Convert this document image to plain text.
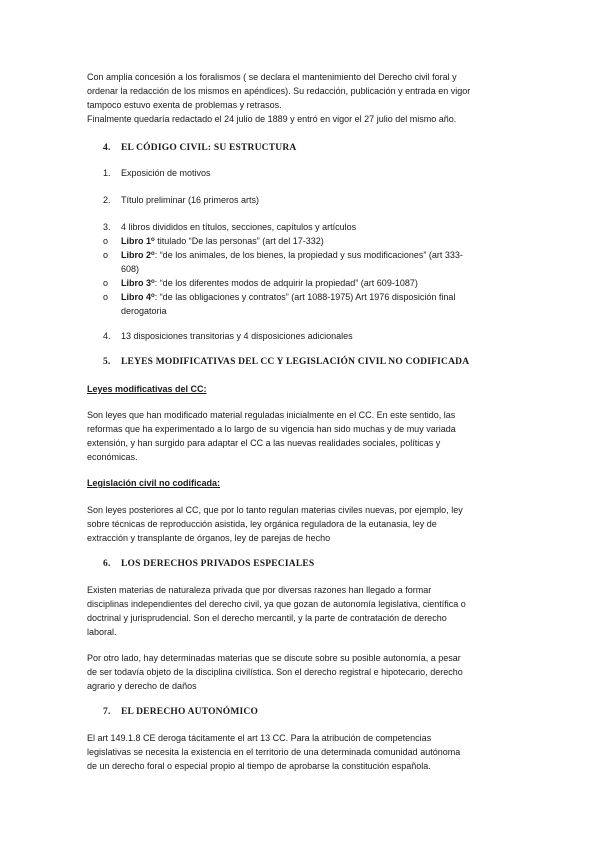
Con amplia concesión a los foralismos ( se declara el mantenimiento del Derecho civil foral y

ordenar la redacción de los mismos en apéndices). Su redacción, publicación y entrada en vigor

tampoco estuvo exenta de problemas y retrasos.

Finalmente quedaría redactado el 24 julio de 1889 y entró en vigor el 27 julio del mismo año.

4. EL CÓDIGO CIVIL: SU ESTRUCTURA

1. Exposición de motivos
2. Título preliminar (16 primeros arts)
3. 4 libros divididos en títulos, secciones, capítulos y artículos
o Libro 1$^o$ titulado “De las personas” (art del 17-332)
o Libro 2$^o$: “de los animales, de los bienes, la propiedad y sus modificaciones” (art 333-
608)
o Libro 3$^o$: “de los diferentes modos de adquirir la propiedad” (art 609-1087)
o Libro 4$^o$: “de las obligaciones y contratos” (art 1088-1975) Art 1976 disposición final
derogatoria
4. 13 disposiciones transitorias y 4 disposiciones adicionales

5. LEYES MODIFICATIVAS DEL CC Y LEGISLACIÓN CIVIL NO CODIFICADA

Leyes modificativas del CC:

Son leyes que han modificado material reguladas inicialmente en el CC. En este sentido, las

reformas que ha experimentado a lo largo de su vigencia han sido muchas y de muy variada

extensión, y han surgido para adaptar el CC a las nuevas realidades sociales, políticas y

económicas.

Legislación civil no codificada:

Son leyes posteriores al CC, que por lo tanto regulan materias civiles nuevas, por ejemplo, ley

sobre técnicas de reproducción asistida, ley orgánica reguladora de la eutanasia, ley de

extracción y transplante de órganos, ley de parejas de hecho

6. LOS DERECHOS PRIVADOS ESPECIALES

Existen materias de naturaleza privada que por diversas razones han llegado a formar

disciplinas independientes del derecho civil, ya que gozan de autonomía legislativa, científica o

doctrinal y jurisprudencial. Son el derecho mercantil, y la parte de contratación de derecho

laboral.

Por otro lado, hay determinadas materias que se discute sobre su posible autonomía, a pesar

de ser todavía objeto de la disciplina civilística. Son el derecho registral e hipotecario, derecho

agrario y derecho de daños

7. EL DERECHO AUTONÓMICO

El art 149.1.8 CE deroga tácitamente el art 13 CC. Para la atribución de competencias

legislativas se necesita la existencia en el territorio de una determinada comunidad autónoma

de un derecho foral o especial propio al tiempo de aprobarse la constitución española.
